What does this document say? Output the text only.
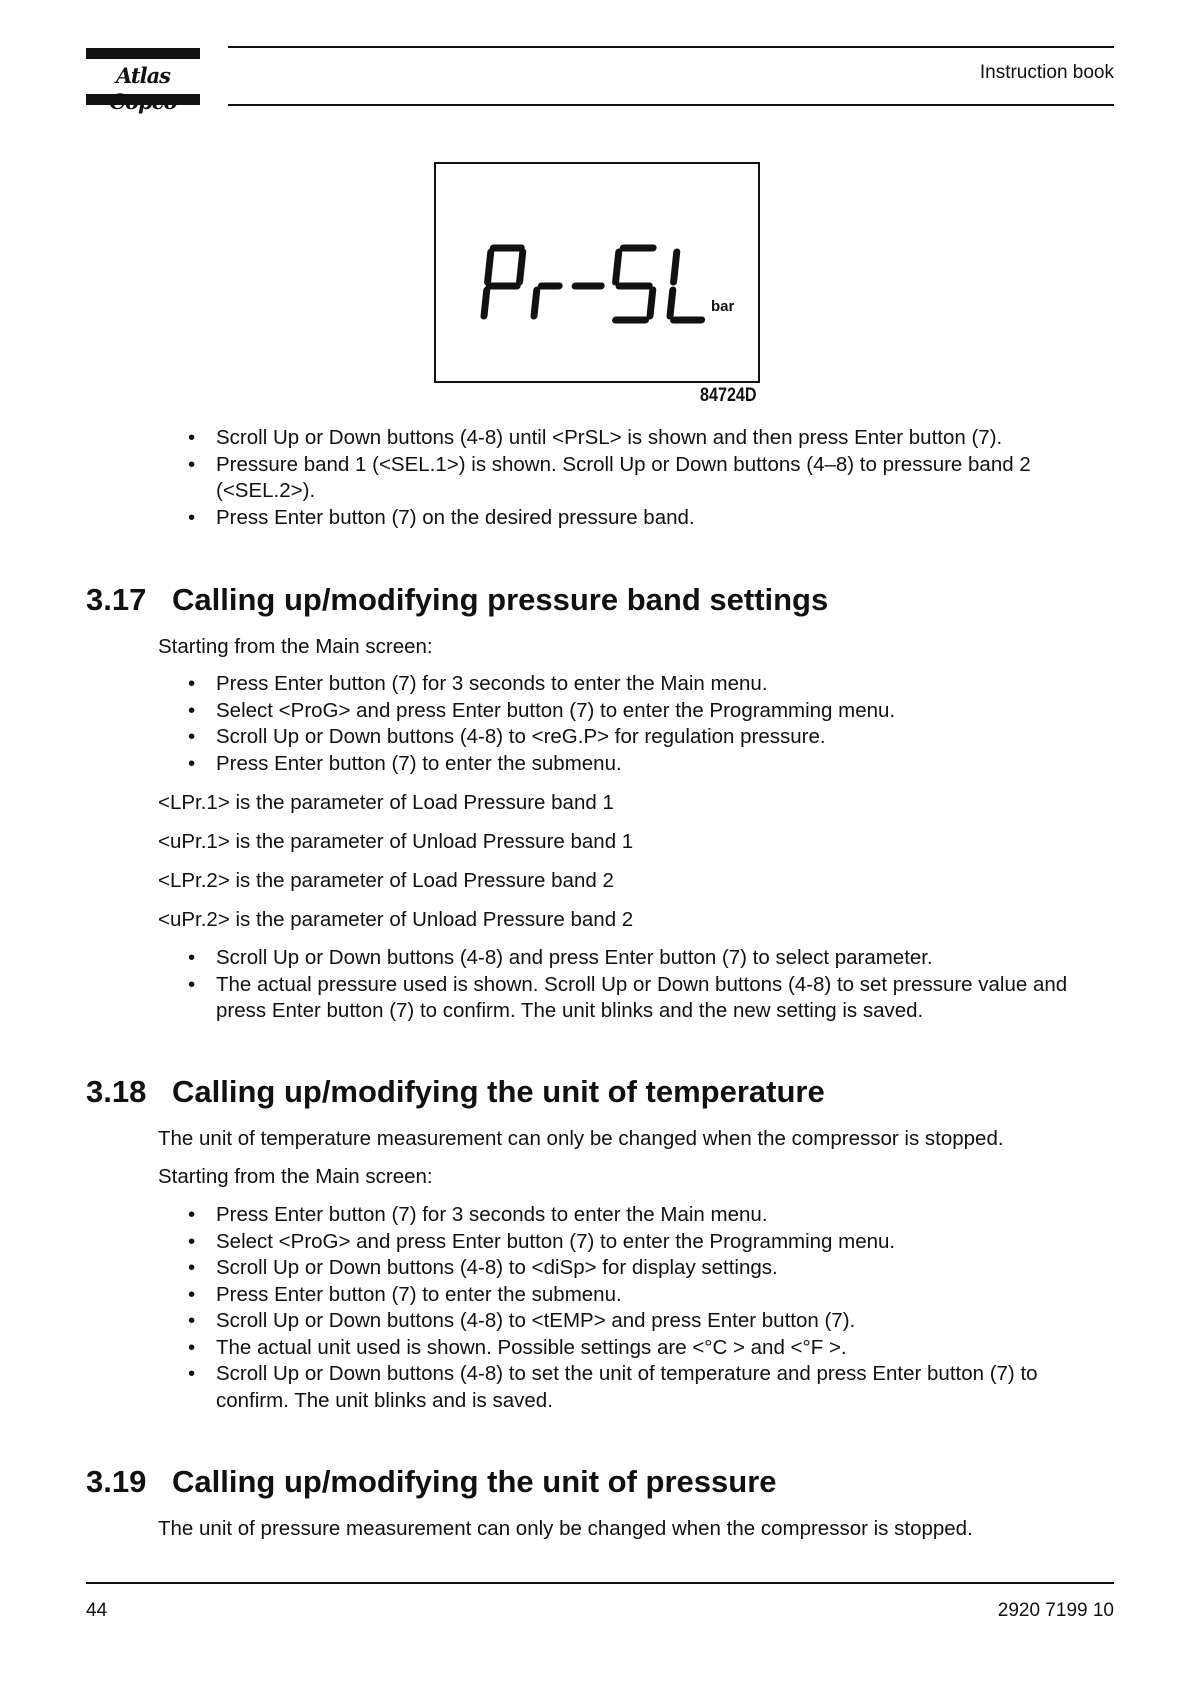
Atlas	Instruction book
bar
84724D
• Scroll Up or Down buttons (4-8) until <PrSL> is shown and then press Enter button (7).
• Pressure band 1 (<SEL.1>) is shown. Scroll Up or Down buttons (4–8) to pressure band 2 (<SEL.2>).
• Press Enter button (7) on the desired pressure band.
3.17 Calling up/modifying pressure band settings
Starting from the Main screen:
• Press Enter button (7) for 3 seconds to enter the Main menu.
• Select <ProG> and press Enter button (7) to enter the Programming menu.
• Scroll Up or Down buttons (4-8) to <reG.P> for regulation pressure.
• Press Enter button (7) to enter the submenu.
<LPr.1> is the parameter of Load Pressure band 1
<uPr.1> is the parameter of Unload Pressure band 1
<LPr.2> is the parameter of Load Pressure band 2
<uPr.2> is the parameter of Unload Pressure band 2
• Scroll Up or Down buttons (4-8) and press Enter button (7) to select parameter.
• The actual pressure used is shown. Scroll Up or Down buttons (4-8) to set pressure value and press Enter button (7) to confirm. The unit blinks and the new setting is saved.
3.18 Calling up/modifying the unit of temperature
The unit of temperature measurement can only be changed when the compressor is stopped.
Starting from the Main screen:
• Press Enter button (7) for 3 seconds to enter the Main menu.
• Select <ProG> and press Enter button (7) to enter the Programming menu.
• Scroll Up or Down buttons (4-8) to <diSp> for display settings.
• Press Enter button (7) to enter the submenu.
• Scroll Up or Down buttons (4-8) to <tEMP> and press Enter button (7).
• The actual unit used is shown. Possible settings are <°C > and <°F >.
• Scroll Up or Down buttons (4-8) to set the unit of temperature and press Enter button (7) to confirm. The unit blinks and is saved.
3.19 Calling up/modifying the unit of pressure
The unit of pressure measurement can only be changed when the compressor is stopped.
44	2920 7199 10
